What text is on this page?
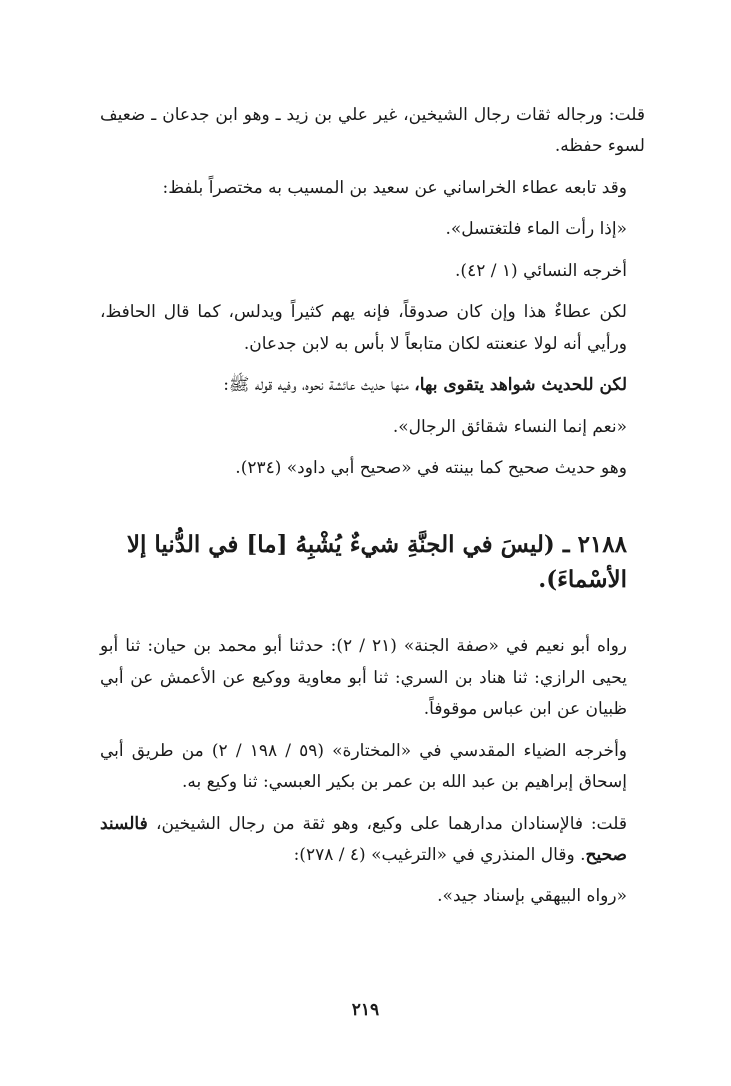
قلت: ورجاله ثقات رجال الشيخين، غير علي بن زيد ـ وهو ابن جدعان ـ ضعيف لسوء حفظه.

وقد تابعه عطاء الخراساني عن سعيد بن المسيب به مختصراً بلفظ:

«إذا رأت الماء فلتغتسل».

أخرجه النسائي (١ / ٤٢).

لكن عطاءٌ هذا وإن كان صدوقاً، فإنه يهم كثيراً ويدلس، كما قال الحافظ، ورأيي أنه لولا عنعنته لكان متابعاً لا بأس به لابن جدعان.

لكن للحديث شواهد يتقوى بها، منها حديث عائشة نحوه، وفيه قوله ﷺ:

«نعم إنما النساء شقائق الرجال».

وهو حديث صحيح كما بينته في «صحيح أبي داود» (٢٣٤).

٢١٨٨ ـ (ليسَ في الجنَّةِ شيءٌ يُشْبِهُ [ما] في الدُّنيا إلا الأسْماءَ).

رواه أبو نعيم في «صفة الجنة» (٢١ / ٢): حدثنا أبو محمد بن حيان: ثنا أبو يحيى الرازي: ثنا هناد بن السري: ثنا أبو معاوية ووكيع عن الأعمش عن أبي ظبيان عن ابن عباس موقوفاً.

وأخرجه الضياء المقدسي في «المختارة» (٥٩ / ١٩٨ / ٢) من طريق أبي إسحاق إبراهيم بن عبد الله بن عمر بن بكير العبسي: ثنا وكيع به.

قلت: فالإسنادان مدارهما على وكيع، وهو ثقة من رجال الشيخين، فالسند صحيح. وقال المنذري في «الترغيب» (٤ / ٢٧٨):

«رواه البيهقي بإسناد جيد».

٢١٩
